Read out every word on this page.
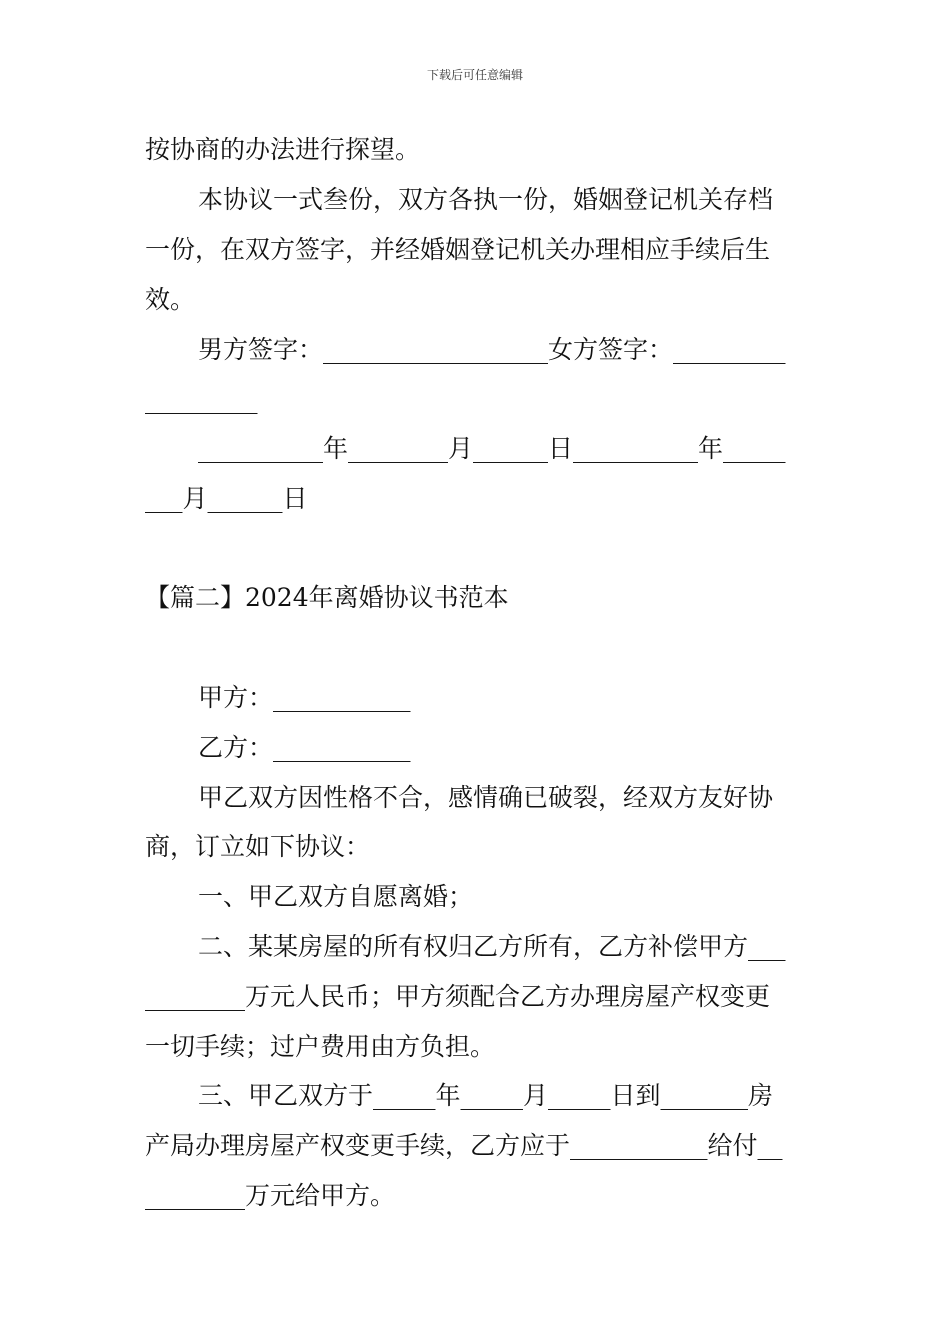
下载后可任意编辑
按协商的办法进行探望。
本协议一式叁份，双方各执一份，婚姻登记机关存档
一份，在双方签字，并经婚姻登记机关办理相应手续后生
效。
男方签字：__________________女方签字：_________
_________
__________年________月______日__________年_____
___月______日
【篇二】2024年离婚协议书范本
甲方：___________
乙方：___________
甲乙双方因性格不合，感情确已破裂，经双方友好协
商，订立如下协议：
一、甲乙双方自愿离婚；
二、某某房屋的所有权归乙方所有，乙方补偿甲方___
________万元人民币；甲方须配合乙方办理房屋产权变更
一切手续；过户费用由方负担。
三、甲乙双方于_____年_____月_____日到_______房
产局办理房屋产权变更手续，乙方应于___________给付__
________万元给甲方。
